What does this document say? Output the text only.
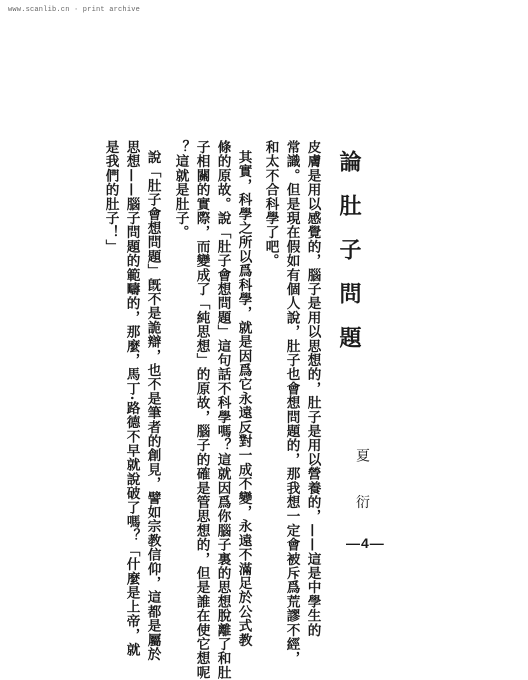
www.scanlib.cn · print archive
論肚子問題
夏 衍
皮膚是用以感覺的，腦子是用以思想的，肚子是用以營養的，——這是中學生的
常識。但是現在假如有個人說，肚子也會想問題的，那我想一定會被斥爲荒謬不經，
和太不合科學了吧。
其實，科學之所以爲科學，就是因爲它永遠反對一成不變，永遠不滿足於公式教
條的原故。說「肚子會想問題」這句話不科學嗎？這就因爲你腦子裏的思想脫離了和肚
子相關的實際，而變成了「純思想」的原故，腦子的確是管思想的，但是誰在使它想呢
？這就是肚子。
說「肚子會想問題」旣不是詭辯，也不是筆者的創見，譬如宗教信仰，這都是屬於
思想——腦子問題的範疇的，那麼，馬丁·路德不早就說破了嗎？「什麼是上帝，就
是我們的肚子！」
—4—
